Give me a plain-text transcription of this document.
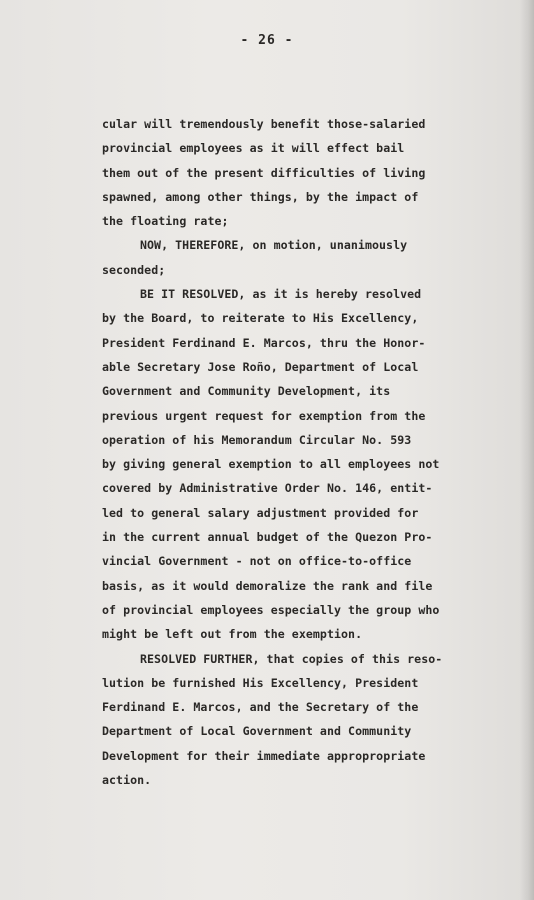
- 26 -
cular will tremendously benefit those-salaried
provincial employees as it will effect bail
them out of the present difficulties of living
spawned, among other things, by the impact of
the floating rate;
NOW, THEREFORE, on motion, unanimously
seconded;
BE IT RESOLVED, as it is hereby resolved
by the Board, to reiterate to His Excellency,
President Ferdinand E. Marcos, thru the Honor-
able Secretary Jose Roño, Department of Local
Government and Community Development, its
previous urgent request for exemption from the
operation of his Memorandum Circular No. 593
by giving general exemption to all employees not
covered by Administrative Order No. 146, entit-
led to general salary adjustment provided for
in the current annual budget of the Quezon Pro-
vincial Government - not on office-to-office
basis, as it would demoralize the rank and file
of provincial employees especially the group who
might be left out from the exemption.
RESOLVED FURTHER, that copies of this reso-
lution be furnished His Excellency, President
Ferdinand E. Marcos, and the Secretary of the
Department of Local Government and Community
Development for their immediate appropropriate
action.
